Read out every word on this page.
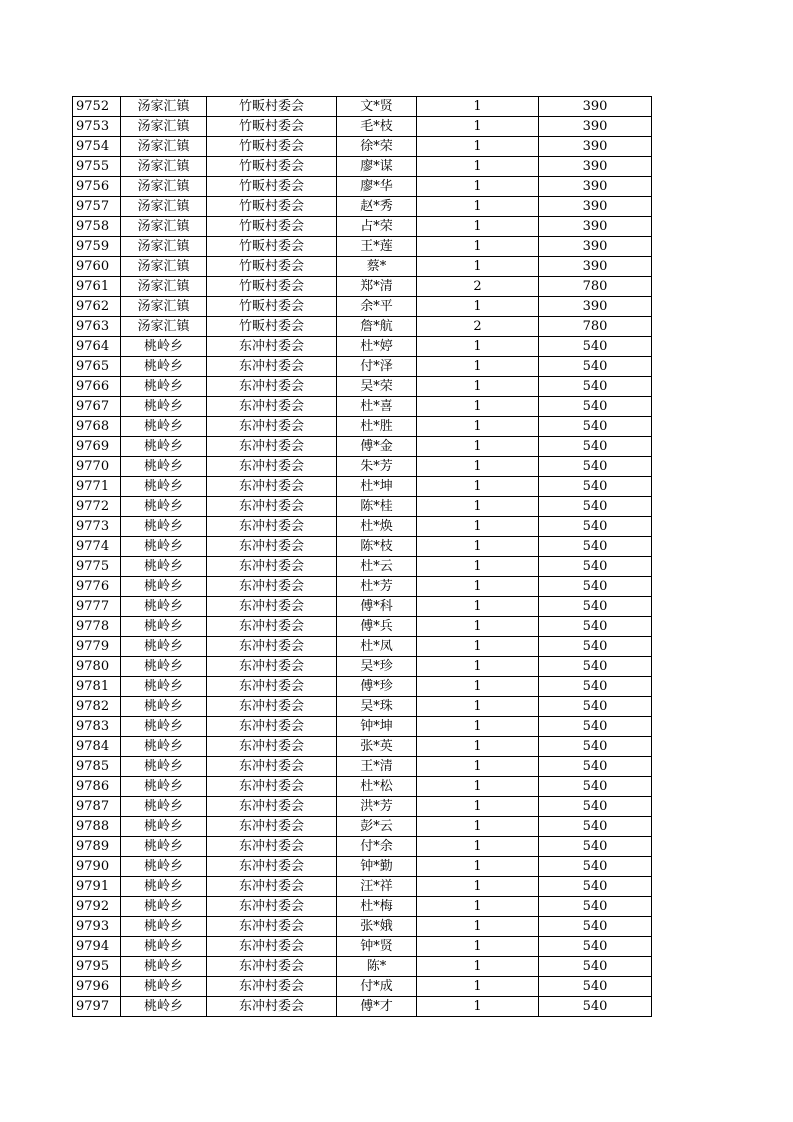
9752	汤家汇镇	竹畈村委会	文*贤	1	390
9753	汤家汇镇	竹畈村委会	毛*枝	1	390
9754	汤家汇镇	竹畈村委会	徐*荣	1	390
9755	汤家汇镇	竹畈村委会	廖*谋	1	390
9756	汤家汇镇	竹畈村委会	廖*华	1	390
9757	汤家汇镇	竹畈村委会	赵*秀	1	390
9758	汤家汇镇	竹畈村委会	占*荣	1	390
9759	汤家汇镇	竹畈村委会	王*莲	1	390
9760	汤家汇镇	竹畈村委会	蔡*	1	390
9761	汤家汇镇	竹畈村委会	郑*清	2	780
9762	汤家汇镇	竹畈村委会	余*平	1	390
9763	汤家汇镇	竹畈村委会	詹*航	2	780
9764	桃岭乡	东冲村委会	杜*婷	1	540
9765	桃岭乡	东冲村委会	付*泽	1	540
9766	桃岭乡	东冲村委会	吴*荣	1	540
9767	桃岭乡	东冲村委会	杜*喜	1	540
9768	桃岭乡	东冲村委会	杜*胜	1	540
9769	桃岭乡	东冲村委会	傅*金	1	540
9770	桃岭乡	东冲村委会	朱*芳	1	540
9771	桃岭乡	东冲村委会	杜*坤	1	540
9772	桃岭乡	东冲村委会	陈*桂	1	540
9773	桃岭乡	东冲村委会	杜*焕	1	540
9774	桃岭乡	东冲村委会	陈*枝	1	540
9775	桃岭乡	东冲村委会	杜*云	1	540
9776	桃岭乡	东冲村委会	杜*芳	1	540
9777	桃岭乡	东冲村委会	傅*科	1	540
9778	桃岭乡	东冲村委会	傅*兵	1	540
9779	桃岭乡	东冲村委会	杜*凤	1	540
9780	桃岭乡	东冲村委会	吴*珍	1	540
9781	桃岭乡	东冲村委会	傅*珍	1	540
9782	桃岭乡	东冲村委会	吴*珠	1	540
9783	桃岭乡	东冲村委会	钟*坤	1	540
9784	桃岭乡	东冲村委会	张*英	1	540
9785	桃岭乡	东冲村委会	王*清	1	540
9786	桃岭乡	东冲村委会	杜*松	1	540
9787	桃岭乡	东冲村委会	洪*芳	1	540
9788	桃岭乡	东冲村委会	彭*云	1	540
9789	桃岭乡	东冲村委会	付*余	1	540
9790	桃岭乡	东冲村委会	钟*勤	1	540
9791	桃岭乡	东冲村委会	汪*祥	1	540
9792	桃岭乡	东冲村委会	杜*梅	1	540
9793	桃岭乡	东冲村委会	张*娥	1	540
9794	桃岭乡	东冲村委会	钟*贤	1	540
9795	桃岭乡	东冲村委会	陈*	1	540
9796	桃岭乡	东冲村委会	付*成	1	540
9797	桃岭乡	东冲村委会	傅*才	1	540
